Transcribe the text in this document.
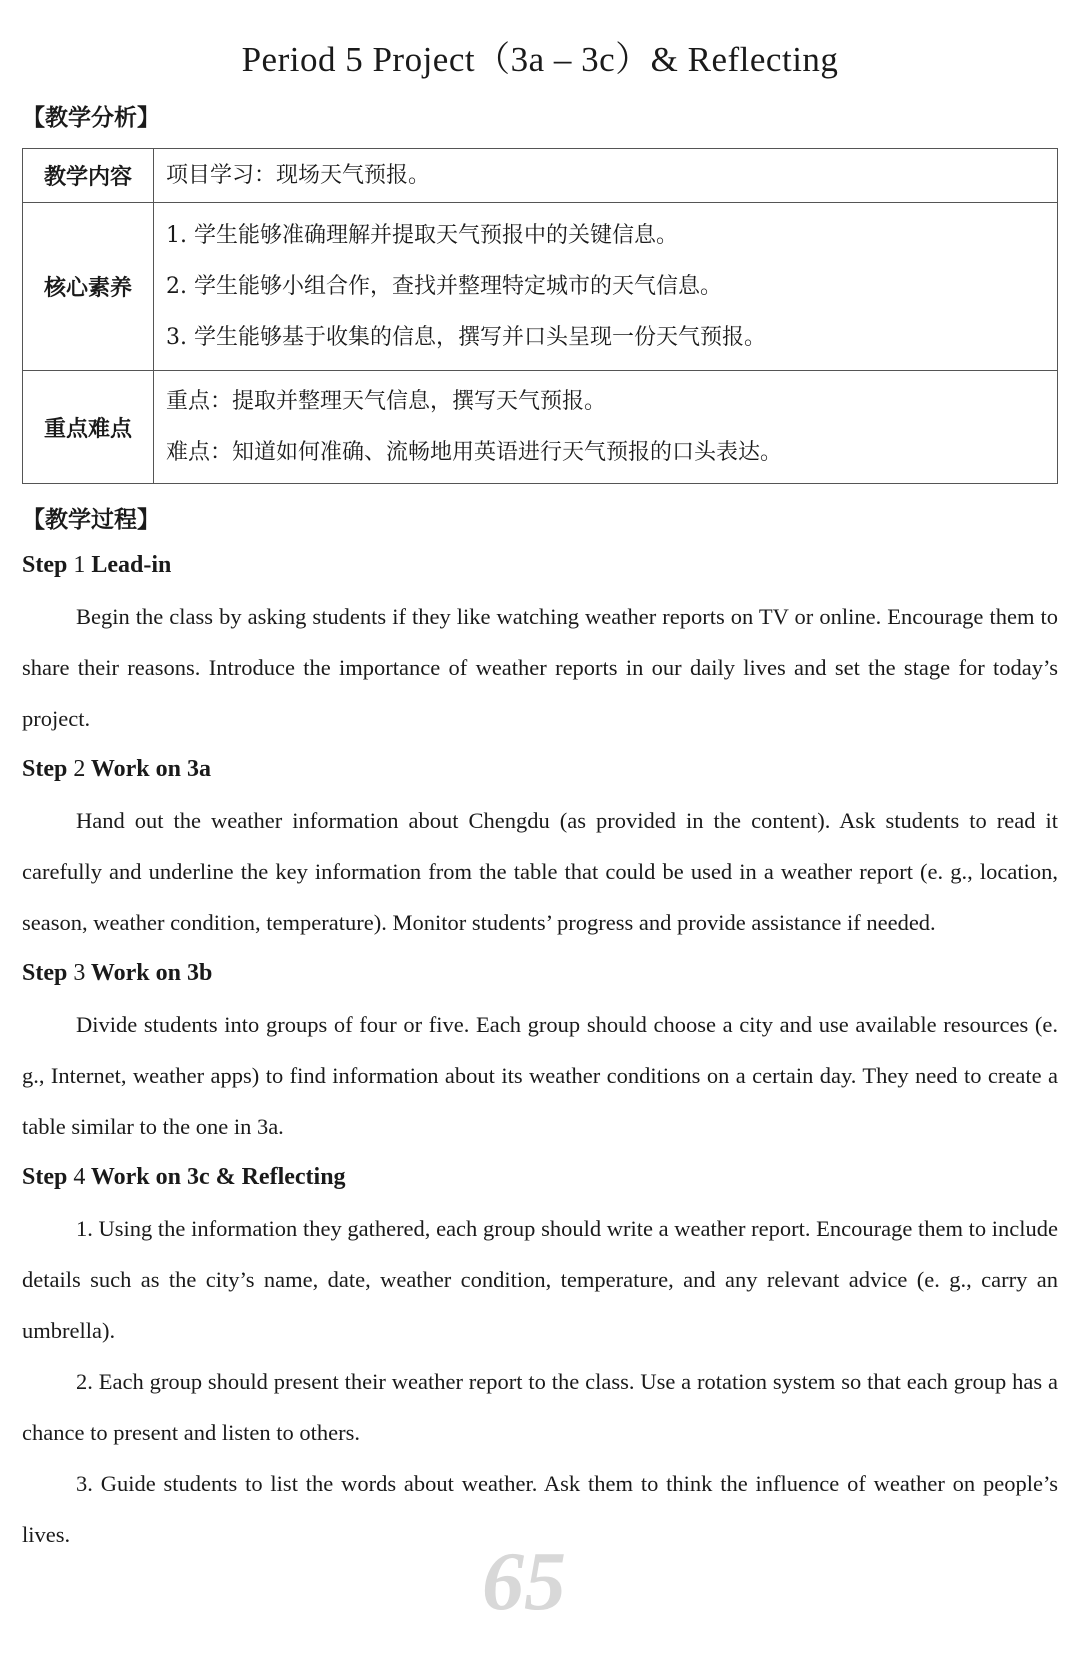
Period 5 Project（3a – 3c）& Reflecting
【教学分析】
教学内容	项目学习：现场天气预报。

核心素养	1. 学生能够准确理解并提取天气预报中的关键信息。
2. 学生能够小组合作，查找并整理特定城市的天气信息。
3. 学生能够基于收集的信息，撰写并口头呈现一份天气预报。

重点难点	重点：提取并整理天气信息，撰写天气预报。
难点：知道如何准确、流畅地用英语进行天气预报的口头表达。
【教学过程】
Step 1 Lead-in

Begin the class by asking students if they like watching weather reports on TV or online. Encourage them to share their reasons. Introduce the importance of weather reports in our daily lives and set the stage for today’s project.

Step 2 Work on 3a

Hand out the weather information about Chengdu (as provided in the content). Ask students to read it carefully and underline the key information from the table that could be used in a weather report (e. g., location, season, weather condition, temperature). Monitor students’ progress and provide assistance if needed.

Step 3 Work on 3b

Divide students into groups of four or five. Each group should choose a city and use available resources (e. g., Internet, weather apps) to find information about its weather conditions on a certain day. They need to create a table similar to the one in 3a.

Step 4 Work on 3c & Reflecting

1. Using the information they gathered, each group should write a weather report. Encourage them to include details such as the city’s name, date, weather condition, temperature, and any relevant advice (e. g., carry an umbrella).

2. Each group should present their weather report to the class. Use a rotation system so that each group has a chance to present and listen to others.

3. Guide students to list the words about weather. Ask them to think the influence of weather on people’s lives.

65
